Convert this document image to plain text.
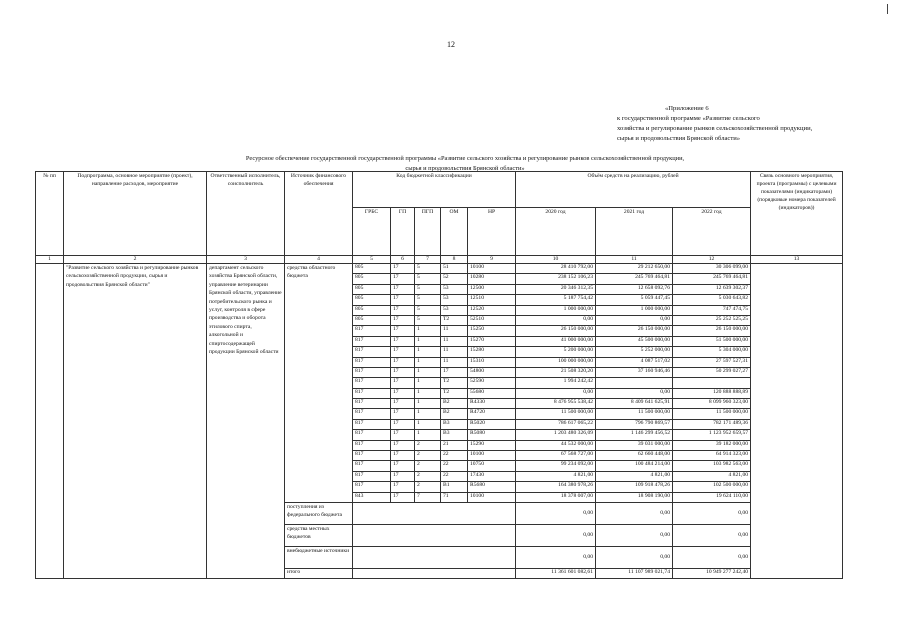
12
«Приложение 6
к государственной программе «Развитие сельского
хозяйства и регулирование рынков сельскохозяйственной продукции,
сырья и продовольствия Брянской области»
Ресурсное обеспечение государственной государственной программы «Развитие сельского хозяйства и регулирование рынков сельскохозяйственной продукции,
сырья и продовольствия Брянской области»
№ пп	Подпрограмма, основное мероприятие (проект), направление расходов, мероприятие	Ответственный исполнитель, соисполнитель	Источник финансового обеспечения	Код бюджетной классификации					Объём средств на реализацию, рублей			Связь основного мероприятия, проекта (программы) с целевыми показателями (индикаторами) (порядковые номера показателей (индикаторов))
				ГРБС	ГП	ПГП	ОМ	НР	2020 год	2021 год	2022 год	
1	2	3	4	5	6	7	8	9	10	11	12	13
	"Развитие сельского хозяйства и регулирование рынков сельскохозяйственной продукции, сырья и продовольствия Брянской области"	департамент сельского хозяйства Брянской области, управление ветеринарии Брянской области, управление потребительского рынка и услуг, контроля в сфере производства и оборота этилового спирта, алкогольной и спиртосодержащей продукции Брянской области	средства областного бюджета	805	17	5	51	10100	28 410 792,00	29 212 650,00	30 306 099,00	
				805	17	5	52	10280	238 152 106,23	245 769 464,81	245 769 464,81	
				805	17	5	53	12500	20 346 312,35	12 658 092,76	12 639 302,37	
				805	17	5	53	12510	5 187 754,42	5 059 447,45	5 030 643,82	
				805	17	5	53	12520	1 000 000,00	1 000 000,00	747 474,75	
				805	17	5	Т2	52510	0,00	0,00	25 252 525,25	
				817	17	1	11	15250	26 150 000,00	26 150 000,00	26 150 000,00	
				817	17	1	11	15270	41 000 000,00	45 500 000,00	51 500 000,00	
				817	17	1	11	15280	5 200 000,00	5 252 000,00	5 304 000,00	
				817	17	1	11	15310	100 000 000,00	4 087 517,02	27 597 527,31	
				817	17	1	17	54800	21 508 320,20	37 160 946,46	50 299 027,27	
				817	17	1	Т2	52590	1 994 242,42			
				817	17	1	Т2	55680	0,00	0,00	120 888 888,89	
				817	17	1	В2	R4330	8 476 955 538,42	8 409 641 625,91	8 099 960 323,00	
				817	17	1	В2	R4720	11 500 000,00	11 500 000,00	11 500 000,00	
				817	17	1	В3	R5020	786 617 065,22	796 790 869,57	782 171 489,36	
				817	17	1	В3	R5080	1 203 480 326,09	1 146 299 456,52	1 123 952 659,57	
				817	17	2	21	15290	44 532 000,00	39 031 000,00	39 182 000,00	
				817	17	2	22	10100	67 568 727,00	62 660 448,00	64 914 323,00	
				817	17	2	22	10750	99 234 092,00	100 484 214,00	103 982 563,00	
				817	17	2	22	17430	4 821,00	4 821,00	4 821,00	
				817	17	2	В1	R5680	164 380 978,26	109 918 478,26	102 500 000,00	
				843	17	7	71	10100	18 378 007,00	18 908 190,00	19 624 110,00	
			поступления из федерального бюджета						0,00	0,00	0,00	
			средства местных бюджетов						0,00	0,00	0,00	
			внебюджетные источники						0,00	0,00	0,00	
			итого						11 361 601 082,61	11 107 989 021,74	10 949 277 242,40	
